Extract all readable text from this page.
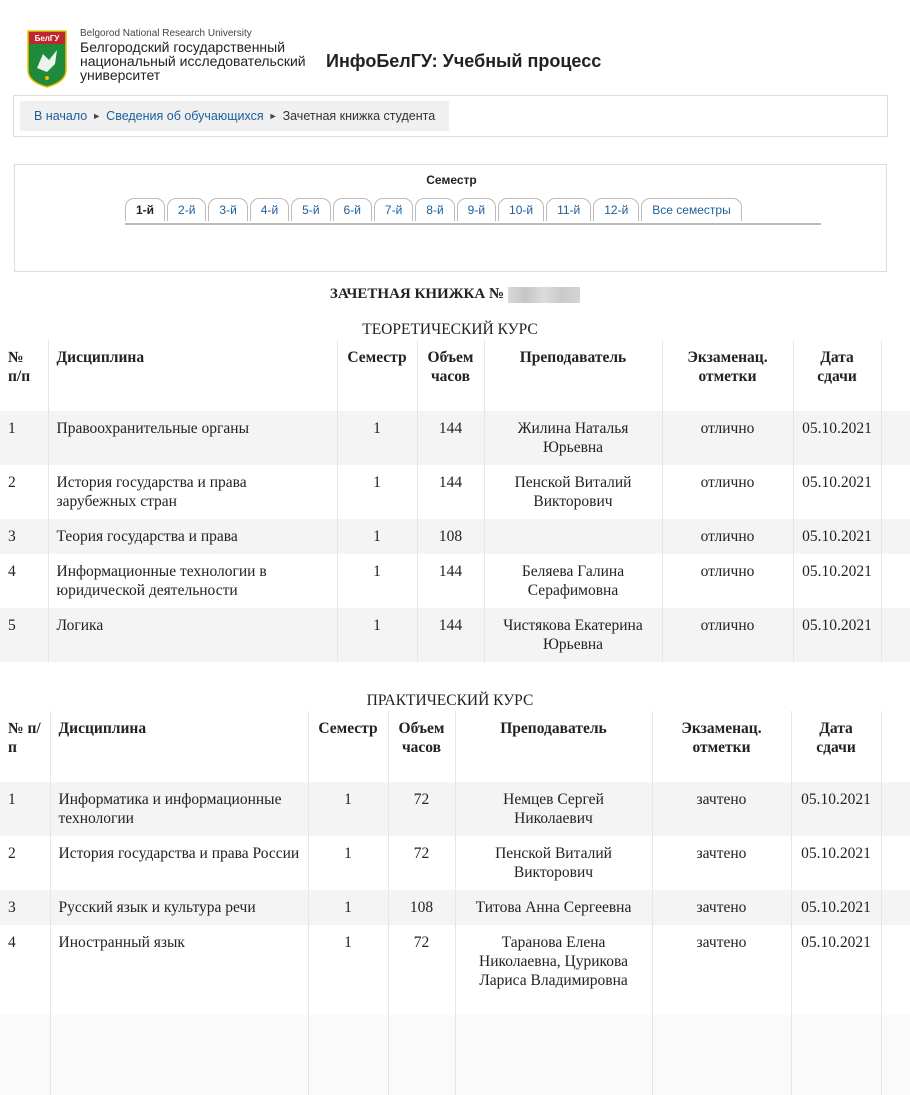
БелГУ Belgorod National Research University
Белгородский государственный
национальный исследовательский
университет
ИнфоБелГУ: Учебный процесс
В начало ► Сведения об обучающихся ► Зачетная книжка студента
Семестр
1-й	2-й	3-й	4-й	5-й	6-й	7-й	8-й	9-й	10-й	11-й	12-й	Все семестры
ЗАЧЕТНАЯ КНИЖКА №
ТЕОРЕТИЧЕСКИЙ КУРС
№ п/п	Дисциплина	Семестр	Объем часов	Преподаватель	Экзаменац. отметки	Дата сдачи	
1	Правоохранительные органы	1	144	Жилина Наталья Юрьевна	отлично	05.10.2021	
2	История государства и права зарубежных стран	1	144	Пенской Виталий Викторович	отлично	05.10.2021	
3	Теория государства и права	1	108		отлично	05.10.2021	
4	Информационные технологии в юридической деятельности	1	144	Беляева Галина Серафимовна	отлично	05.10.2021	
5	Логика	1	144	Чистякова Екатерина Юрьевна	отлично	05.10.2021	
ПРАКТИЧЕСКИЙ КУРС
№ п/п	Дисциплина	Семестр	Объем часов	Преподаватель	Экзаменац. отметки	Дата сдачи	
1	Информатика и информационные технологии	1	72	Немцев Сергей Николаевич	зачтено	05.10.2021	
2	История государства и права России	1	72	Пенской Виталий Викторович	зачтено	05.10.2021	
3	Русский язык и культура речи	1	108	Титова Анна Сергеевна	зачтено	05.10.2021	
4	Иностранный язык	1	72	Таранова Елена Николаевна, Цурикова Лариса Владимировна	зачтено	05.10.2021	
